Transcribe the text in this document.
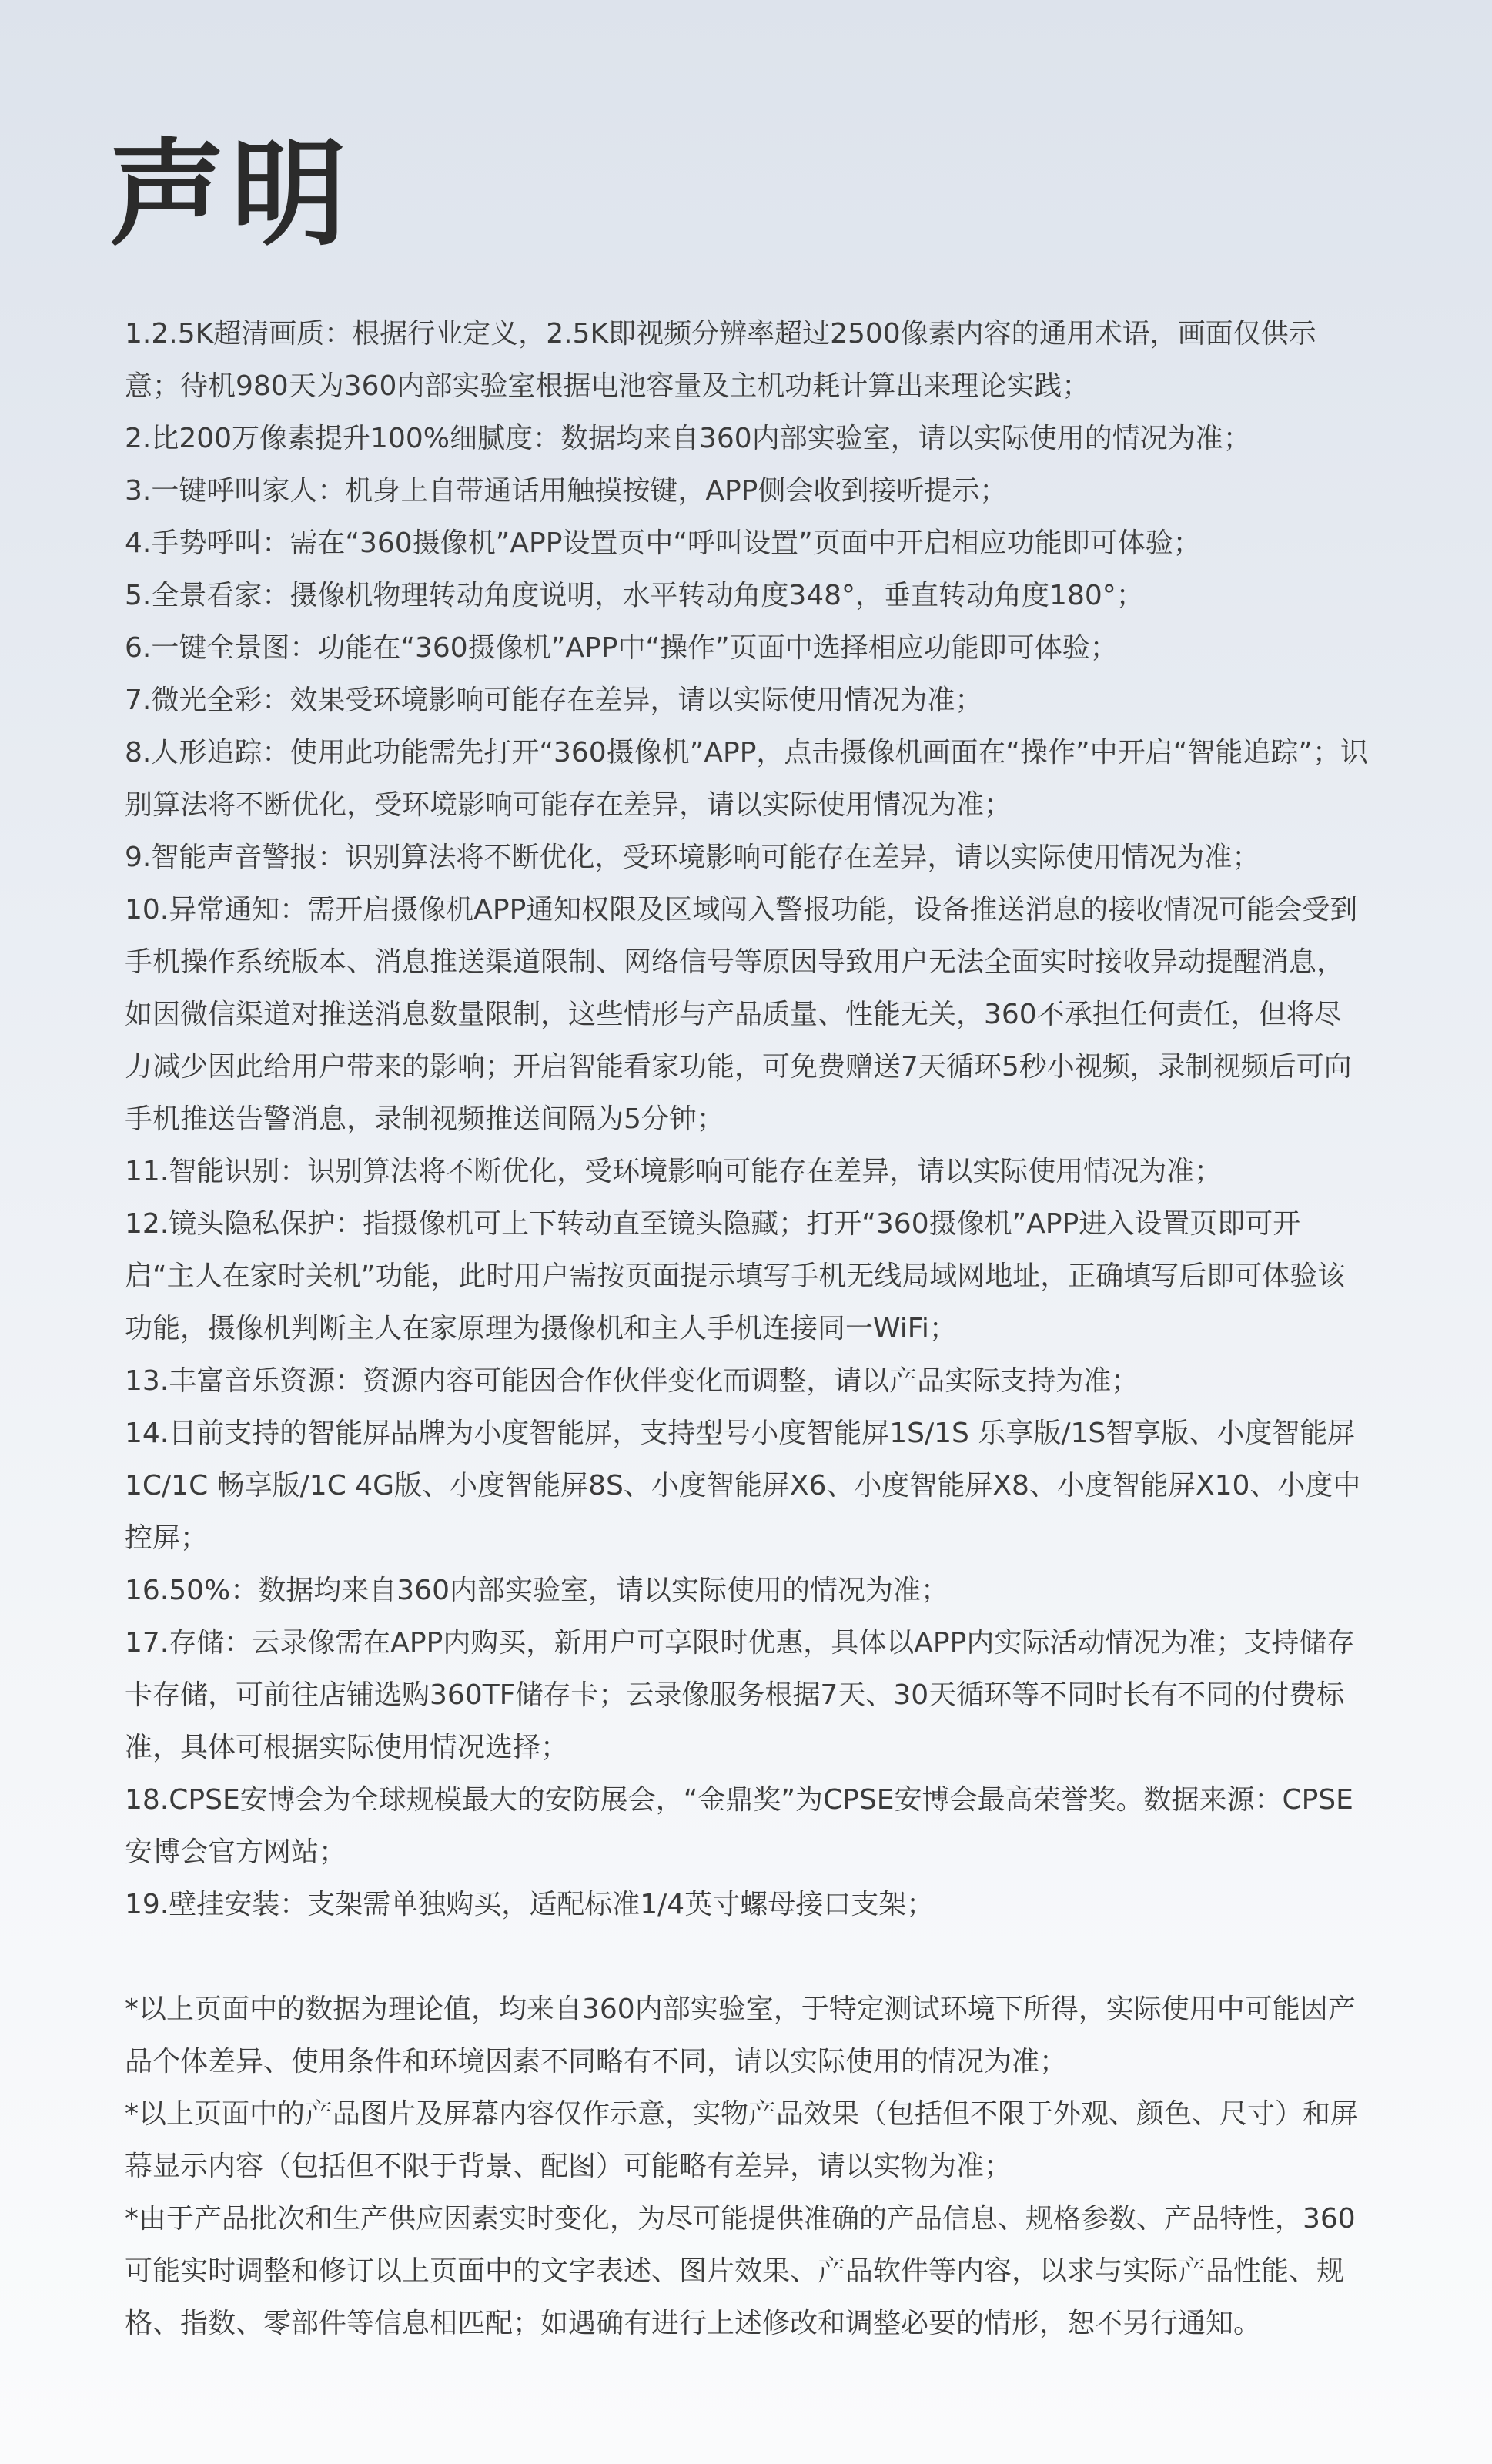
声明

1.2.5K超清画质：根据行业定义，2.5K即视频分辨率超过2500像素内容的通用术语，画面仅供示意；待机980天为360内部实验室根据电池容量及主机功耗计算出来理论实践；

2.比200万像素提升100%细腻度：数据均来自360内部实验室，请以实际使用的情况为准；

3.一键呼叫家人：机身上自带通话用触摸按键，APP侧会收到接听提示；

4.手势呼叫：需在“360摄像机”APP设置页中“呼叫设置”页面中开启相应功能即可体验；

5.全景看家：摄像机物理转动角度说明，水平转动角度348°，垂直转动角度180°；

6.一键全景图：功能在“360摄像机”APP中“操作”页面中选择相应功能即可体验；

7.微光全彩：效果受环境影响可能存在差异，请以实际使用情况为准；

8.人形追踪：使用此功能需先打开“360摄像机”APP，点击摄像机画面在“操作”中开启“智能追踪”；识别算法将不断优化，受环境影响可能存在差异，请以实际使用情况为准；

9.智能声音警报：识别算法将不断优化，受环境影响可能存在差异，请以实际使用情况为准；

10.异常通知：需开启摄像机APP通知权限及区域闯入警报功能，设备推送消息的接收情况可能会受到手机操作系统版本、消息推送渠道限制、网络信号等原因导致用户无法全面实时接收异动提醒消息，如因微信渠道对推送消息数量限制，这些情形与产品质量、性能无关，360不承担任何责任，但将尽力减少因此给用户带来的影响；开启智能看家功能，可免费赠送7天循环5秒小视频，录制视频后可向手机推送告警消息，录制视频推送间隔为5分钟；

11.智能识别：识别算法将不断优化，受环境影响可能存在差异，请以实际使用情况为准；

12.镜头隐私保护：指摄像机可上下转动直至镜头隐藏；打开“360摄像机”APP进入设置页即可开启“主人在家时关机”功能，此时用户需按页面提示填写手机无线局域网地址，正确填写后即可体验该功能，摄像机判断主人在家原理为摄像机和主人手机连接同一WiFi；

13.丰富音乐资源：资源内容可能因合作伙伴变化而调整，请以产品实际支持为准；

14.目前支持的智能屏品牌为小度智能屏，支持型号小度智能屏1S/1S 乐享版/1S智享版、小度智能屏1C/1C 畅享版/1C 4G版、小度智能屏8S、小度智能屏X6、小度智能屏X8、小度智能屏X10、小度中控屏；

16.50%：数据均来自360内部实验室，请以实际使用的情况为准；

17.存储：云录像需在APP内购买，新用户可享限时优惠，具体以APP内实际活动情况为准；支持储存卡存储，可前往店铺选购360TF储存卡；云录像服务根据7天、30天循环等不同时长有不同的付费标准，具体可根据实际使用情况选择；

18.CPSE安博会为全球规模最大的安防展会，“金鼎奖”为CPSE安博会最高荣誉奖。数据来源：CPSE安博会官方网站；

19.壁挂安装：支架需单独购买，适配标准1/4英寸螺母接口支架；

*以上页面中的数据为理论值，均来自360内部实验室，于特定测试环境下所得，实际使用中可能因产品个体差异、使用条件和环境因素不同略有不同，请以实际使用的情况为准；

*以上页面中的产品图片及屏幕内容仅作示意，实物产品效果（包括但不限于外观、颜色、尺寸）和屏幕显示内容（包括但不限于背景、配图）可能略有差异，请以实物为准；

*由于产品批次和生产供应因素实时变化，为尽可能提供准确的产品信息、规格参数、产品特性，360可能实时调整和修订以上页面中的文字表述、图片效果、产品软件等内容，以求与实际产品性能、规格、指数、零部件等信息相匹配；如遇确有进行上述修改和调整必要的情形，恕不另行通知。
